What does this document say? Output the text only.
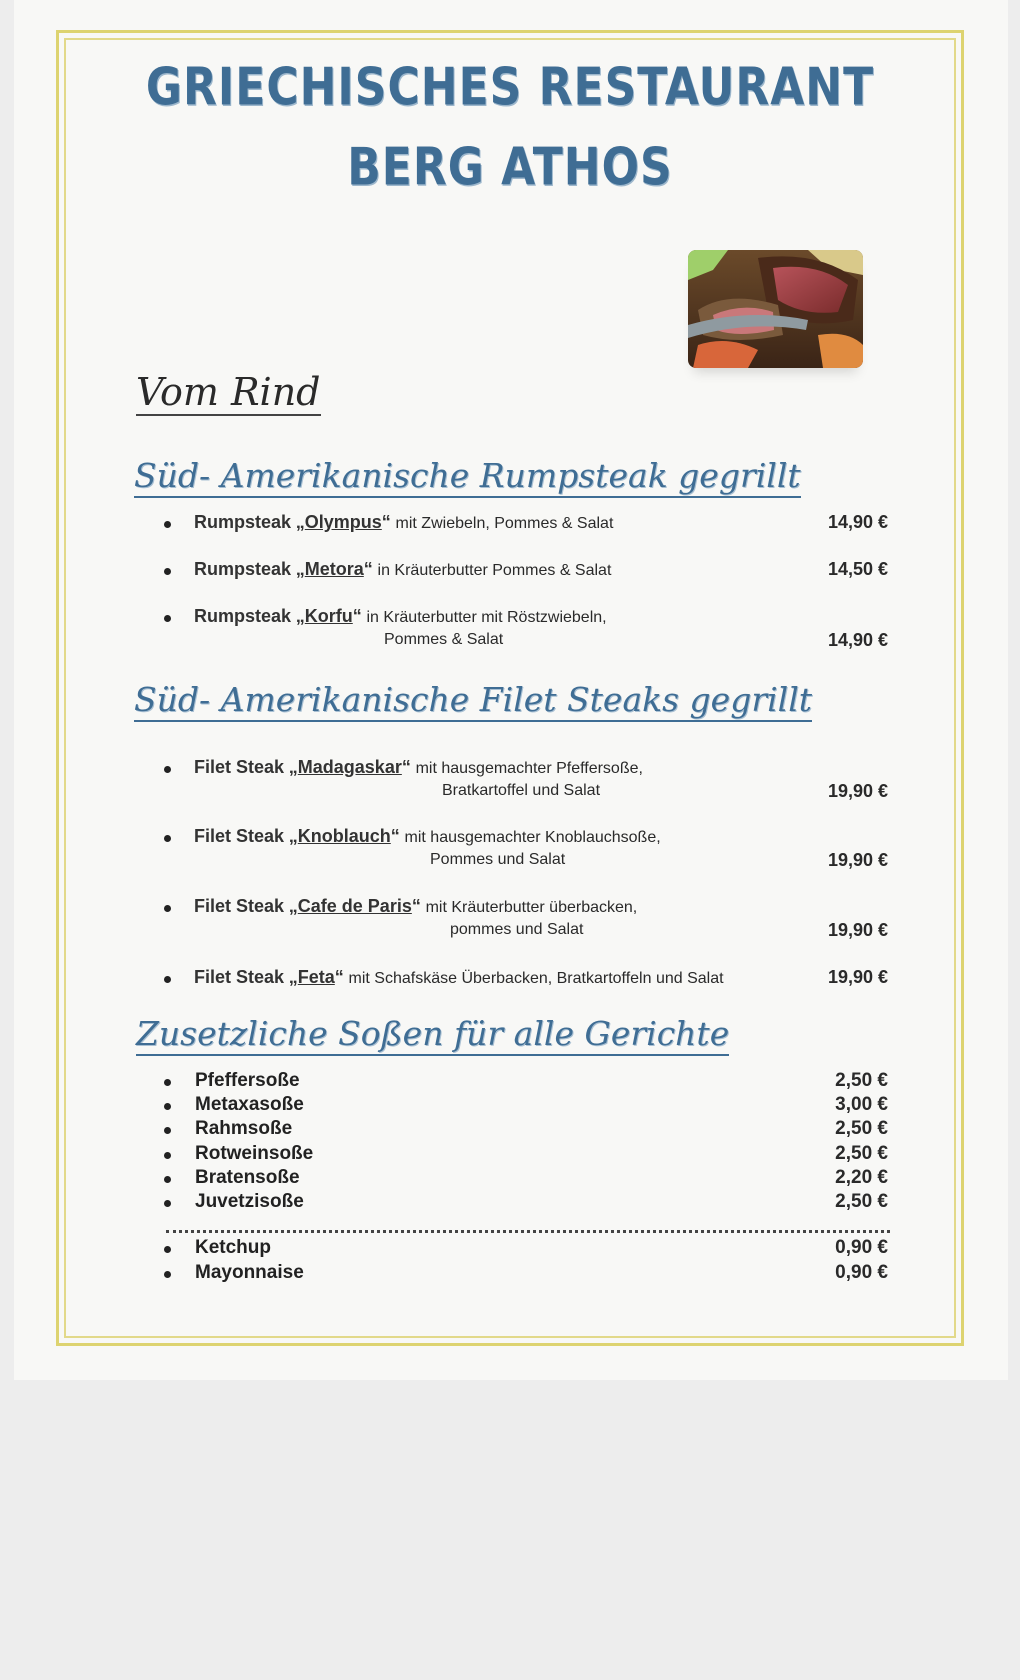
GRIECHISCHES RESTAURANT
BERG ATHOS

Vom Rind

Süd- Amerikanische Rumpsteak gegrillt

Rumpsteak „Olympus“ mit Zwiebeln, Pommes & Salat	14,90 €
Rumpsteak „Metora“ in Kräuterbutter Pommes & Salat	14,50 €
Rumpsteak „Korfu“ in Kräuterbutter mit Röstzwiebeln,
Pommes & Salat	14,90 €

Süd- Amerikanische Filet Steaks gegrillt

Filet Steak „Madagaskar“ mit hausgemachter Pfeffersoße,
Bratkartoffel und Salat	19,90 €
Filet Steak „Knoblauch“ mit hausgemachter Knoblauchsoße,
Pommes und Salat	19,90 €
Filet Steak „Cafe de Paris“ mit Kräuterbutter überbacken,
pommes und Salat	19,90 €
Filet Steak „Feta“ mit Schafskäse Überbacken, Bratkartoffeln und Salat	19,90 €

Zusetzliche Soßen für alle Gerichte

Pfeffersoße	2,50 €
Metaxasoße	3,00 €
Rahmsoße	2,50 €
Rotweinsoße	2,50 €
Bratensoße	2,20 €
Juvetzisoße	2,50 €
Ketchup	0,90 €
Mayonnaise	0,90 €
